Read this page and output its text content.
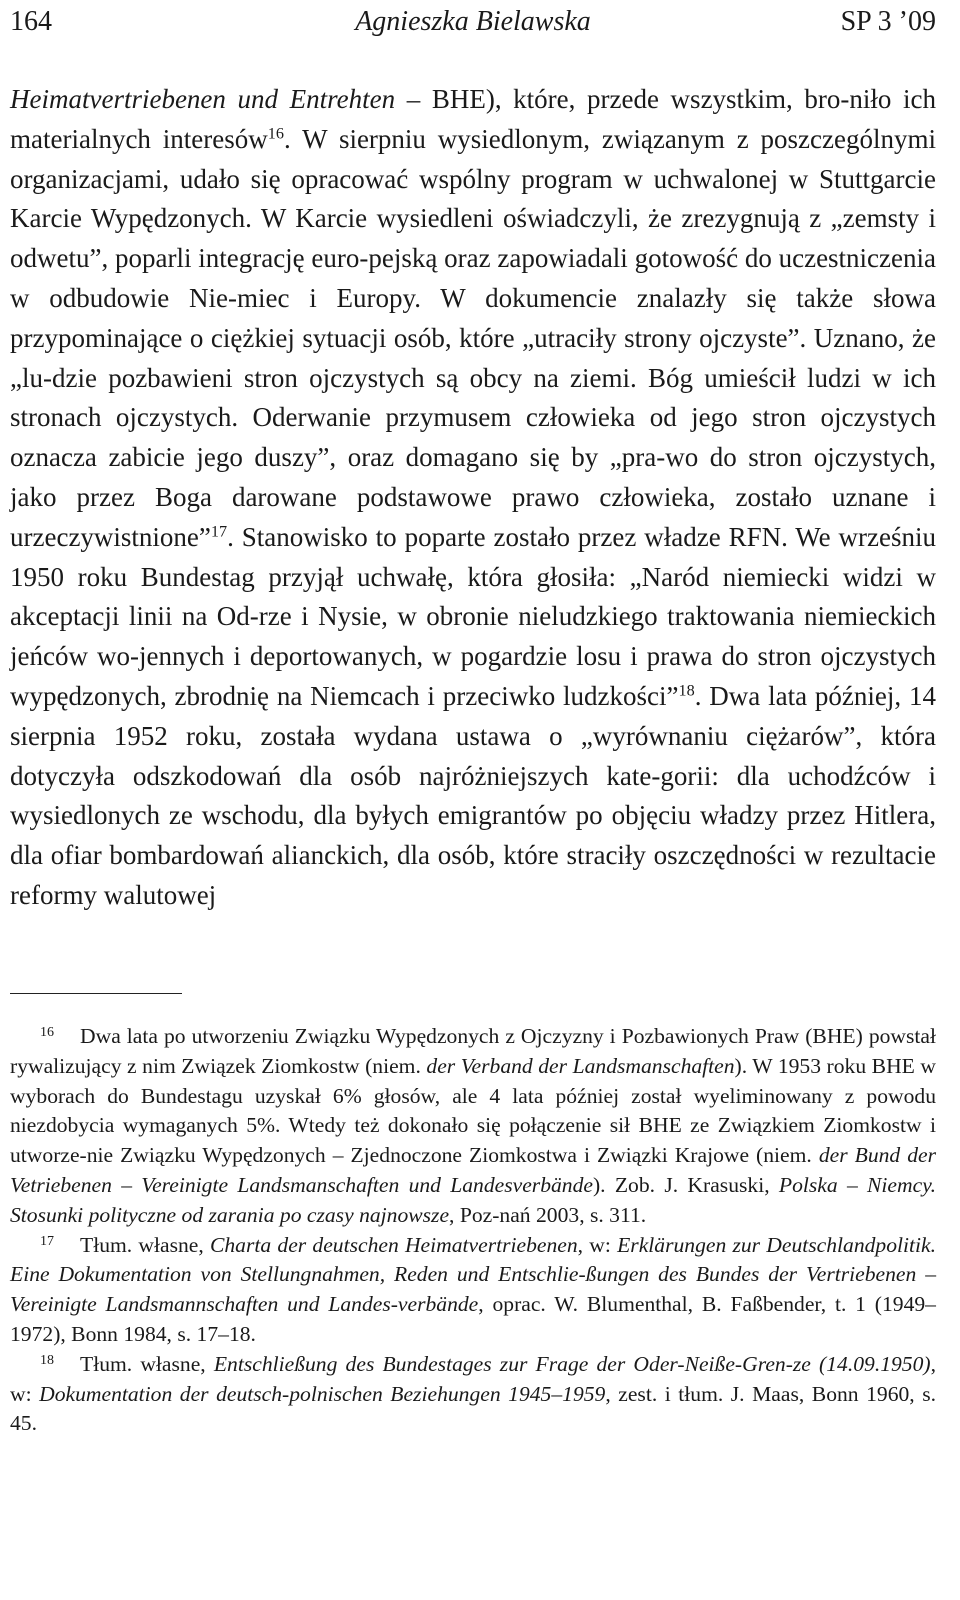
164	Agnieszka Bielawska	SP 3 ’09

Heimatvertriebenen und Entrehten – BHE), które, przede wszystkim, bro-niło ich materialnych interesów$^{16}$. W sierpniu wysiedlonym, związanym z poszczególnymi organizacjami, udało się opracować wspólny program w uchwalonej w Stuttgarcie Karcie Wypędzonych. W Karcie wysiedleni oświadczyli, że zrezygnują z „zemsty i odwetu”, poparli integrację euro-pejską oraz zapowiadali gotowość do uczestniczenia w odbudowie Nie-miec i Europy. W dokumencie znalazły się także słowa przypominające o ciężkiej sytuacji osób, które „utraciły strony ojczyste”. Uznano, że „lu-dzie pozbawieni stron ojczystych są obcy na ziemi. Bóg umieścił ludzi w ich stronach ojczystych. Oderwanie przymusem człowieka od jego stron ojczystych oznacza zabicie jego duszy”, oraz domagano się by „pra-wo do stron ojczystych, jako przez Boga darowane podstawowe prawo człowieka, zostało uznane i urzeczywistnione”$^{17}$. Stanowisko to poparte zostało przez władze RFN. We wrześniu 1950 roku Bundestag przyjął uchwałę, która głosiła: „Naród niemiecki widzi w akceptacji linii na Od-rze i Nysie, w obronie nieludzkiego traktowania niemieckich jeńców wo-jennych i deportowanych, w pogardzie losu i prawa do stron ojczystych wypędzonych, zbrodnię na Niemcach i przeciwko ludzkości”$^{18}$. Dwa lata później, 14 sierpnia 1952 roku, została wydana ustawa o „wyrównaniu ciężarów”, która dotyczyła odszkodowań dla osób najróżniejszych kate-gorii: dla uchodźców i wysiedlonych ze wschodu, dla byłych emigrantów po objęciu władzy przez Hitlera, dla ofiar bombardowań alianckich, dla osób, które straciły oszczędności w rezultacie reformy walutowej

16 Dwa lata po utworzeniu Związku Wypędzonych z Ojczyzny i Pozbawionych Praw (BHE) powstał rywalizujący z nim Związek Ziomkostw (niem. der Verband der Landsmanschaften). W 1953 roku BHE w wyborach do Bundestagu uzyskał 6% głosów, ale 4 lata później został wyeliminowany z powodu niezdobycia wymaganych 5%. Wtedy też dokonało się połączenie sił BHE ze Związkiem Ziomkostw i utworze-nie Związku Wypędzonych – Zjednoczone Ziomkostwa i Związki Krajowe (niem. der Bund der Vetriebenen – Vereinigte Landsmanschaften und Landesverbände). Zob. J. Krasuski, Polska – Niemcy. Stosunki polityczne od zarania po czasy najnowsze, Poz-nań 2003, s. 311.

17 Tłum. własne, Charta der deutschen Heimatvertriebenen, w: Erklärungen zur Deutschlandpolitik. Eine Dokumentation von Stellungnahmen, Reden und Entschlie-ßungen des Bundes der Vertriebenen – Vereinigte Landsmannschaften und Landes-verbände, oprac. W. Blumenthal, B. Faßbender, t. 1 (1949–1972), Bonn 1984, s. 17–18.

18 Tłum. własne, Entschließung des Bundestages zur Frage der Oder-Neiße-Gren-ze (14.09.1950), w: Dokumentation der deutsch-polnischen Beziehungen 1945–1959, zest. i tłum. J. Maas, Bonn 1960, s. 45.
